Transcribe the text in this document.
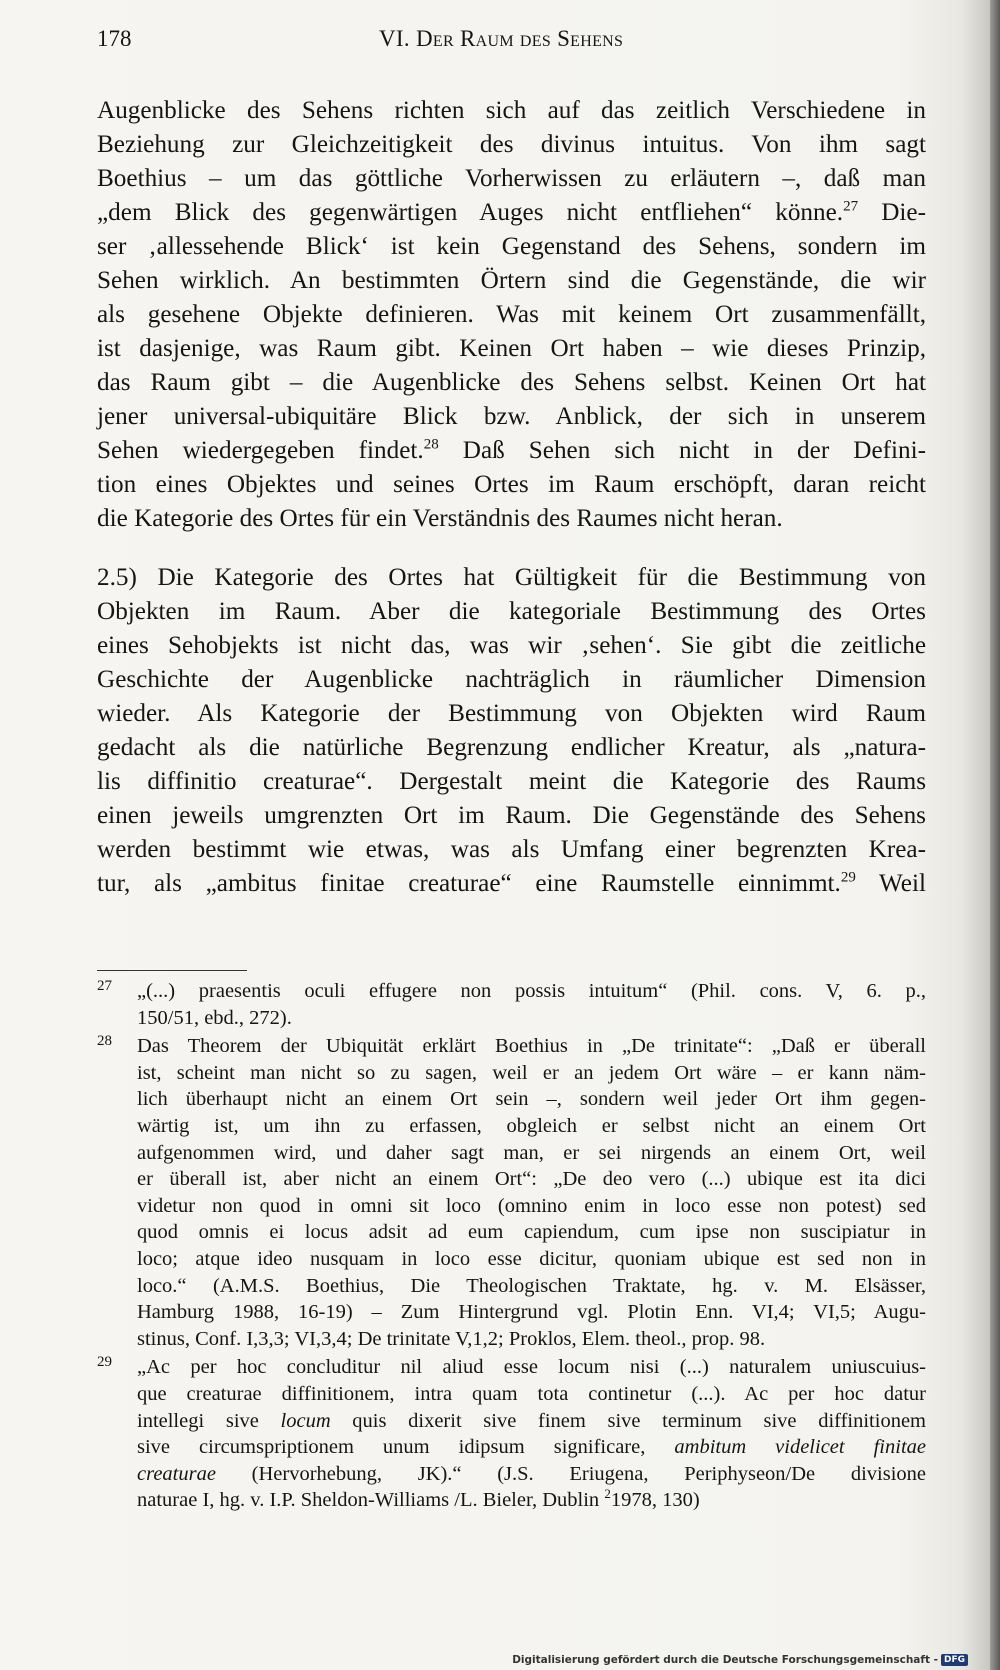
178	VI. Der Raum des Sehens

Augenblicke des Sehens richten sich auf das zeitlich Verschiedene in
Beziehung zur Gleichzeitigkeit des divinus intuitus. Von ihm sagt
Boethius – um das göttliche Vorherwissen zu erläutern –, daß man
„dem Blick des gegenwärtigen Auges nicht entfliehen“ könne.$^{27}$ Die-
ser ‚allessehende Blick‘ ist kein Gegenstand des Sehens, sondern im
Sehen wirklich. An bestimmten Örtern sind die Gegenstände, die wir
als gesehene Objekte definieren. Was mit keinem Ort zusammenfällt,
ist dasjenige, was Raum gibt. Keinen Ort haben – wie dieses Prinzip,
das Raum gibt – die Augenblicke des Sehens selbst. Keinen Ort hat
jener universal-ubiquitäre Blick bzw. Anblick, der sich in unserem
Sehen wiedergegeben findet.$^{28}$ Daß Sehen sich nicht in der Defini-
tion eines Objektes und seines Ortes im Raum erschöpft, daran reicht
die Kategorie des Ortes für ein Verständnis des Raumes nicht heran.

2.5) Die Kategorie des Ortes hat Gültigkeit für die Bestimmung von
Objekten im Raum. Aber die kategoriale Bestimmung des Ortes
eines Sehobjekts ist nicht das, was wir ‚sehen‘. Sie gibt die zeitliche
Geschichte der Augenblicke nachträglich in räumlicher Dimension
wieder. Als Kategorie der Bestimmung von Objekten wird Raum
gedacht als die natürliche Begrenzung endlicher Kreatur, als „natura-
lis diffinitio creaturae“. Dergestalt meint die Kategorie des Raums
einen jeweils umgrenzten Ort im Raum. Die Gegenstände des Sehens
werden bestimmt wie etwas, was als Umfang einer begrenzten Krea-
tur, als „ambitus finitae creaturae“ eine Raumstelle einnimmt.$^{29}$ Weil

27 „(...) praesentis oculi effugere non possis intuitum“ (Phil. cons. V, 6. p.,
150/51, ebd., 272).
28 Das Theorem der Ubiquität erklärt Boethius in „De trinitate“: „Daß er überall
ist, scheint man nicht so zu sagen, weil er an jedem Ort wäre – er kann näm-
lich überhaupt nicht an einem Ort sein –, sondern weil jeder Ort ihm gegen-
wärtig ist, um ihn zu erfassen, obgleich er selbst nicht an einem Ort
aufgenommen wird, und daher sagt man, er sei nirgends an einem Ort, weil
er überall ist, aber nicht an einem Ort“: „De deo vero (...) ubique est ita dici
videtur non quod in omni sit loco (omnino enim in loco esse non potest) sed
quod omnis ei locus adsit ad eum capiendum, cum ipse non suscipiatur in
loco; atque ideo nusquam in loco esse dicitur, quoniam ubique est sed non in
loco.“ (A.M.S. Boethius, Die Theologischen Traktate, hg. v. M. Elsässer,
Hamburg 1988, 16-19) – Zum Hintergrund vgl. Plotin Enn. VI,4; VI,5; Augu-
stinus, Conf. I,3,3; VI,3,4; De trinitate V,1,2; Proklos, Elem. theol., prop. 98.
29 „Ac per hoc concluditur nil aliud esse locum nisi (...) naturalem uniuscuius-
que creaturae diffinitionem, intra quam tota continetur (...). Ac per hoc datur
intellegi sive locum quis dixerit sive finem sive terminum sive diffinitionem
sive circumspriptionem unum idipsum significare, ambitum videlicet finitae
creaturae (Hervorhebung, JK).“ (J.S. Eriugena, Periphyseon/De divisione
naturae I, hg. v. I.P. Sheldon-Williams /L. Bieler, Dublin $^2$1978, 130)
Digitalisierung gefördert durch die Deutsche Forschungsgemeinschaft - DFG
